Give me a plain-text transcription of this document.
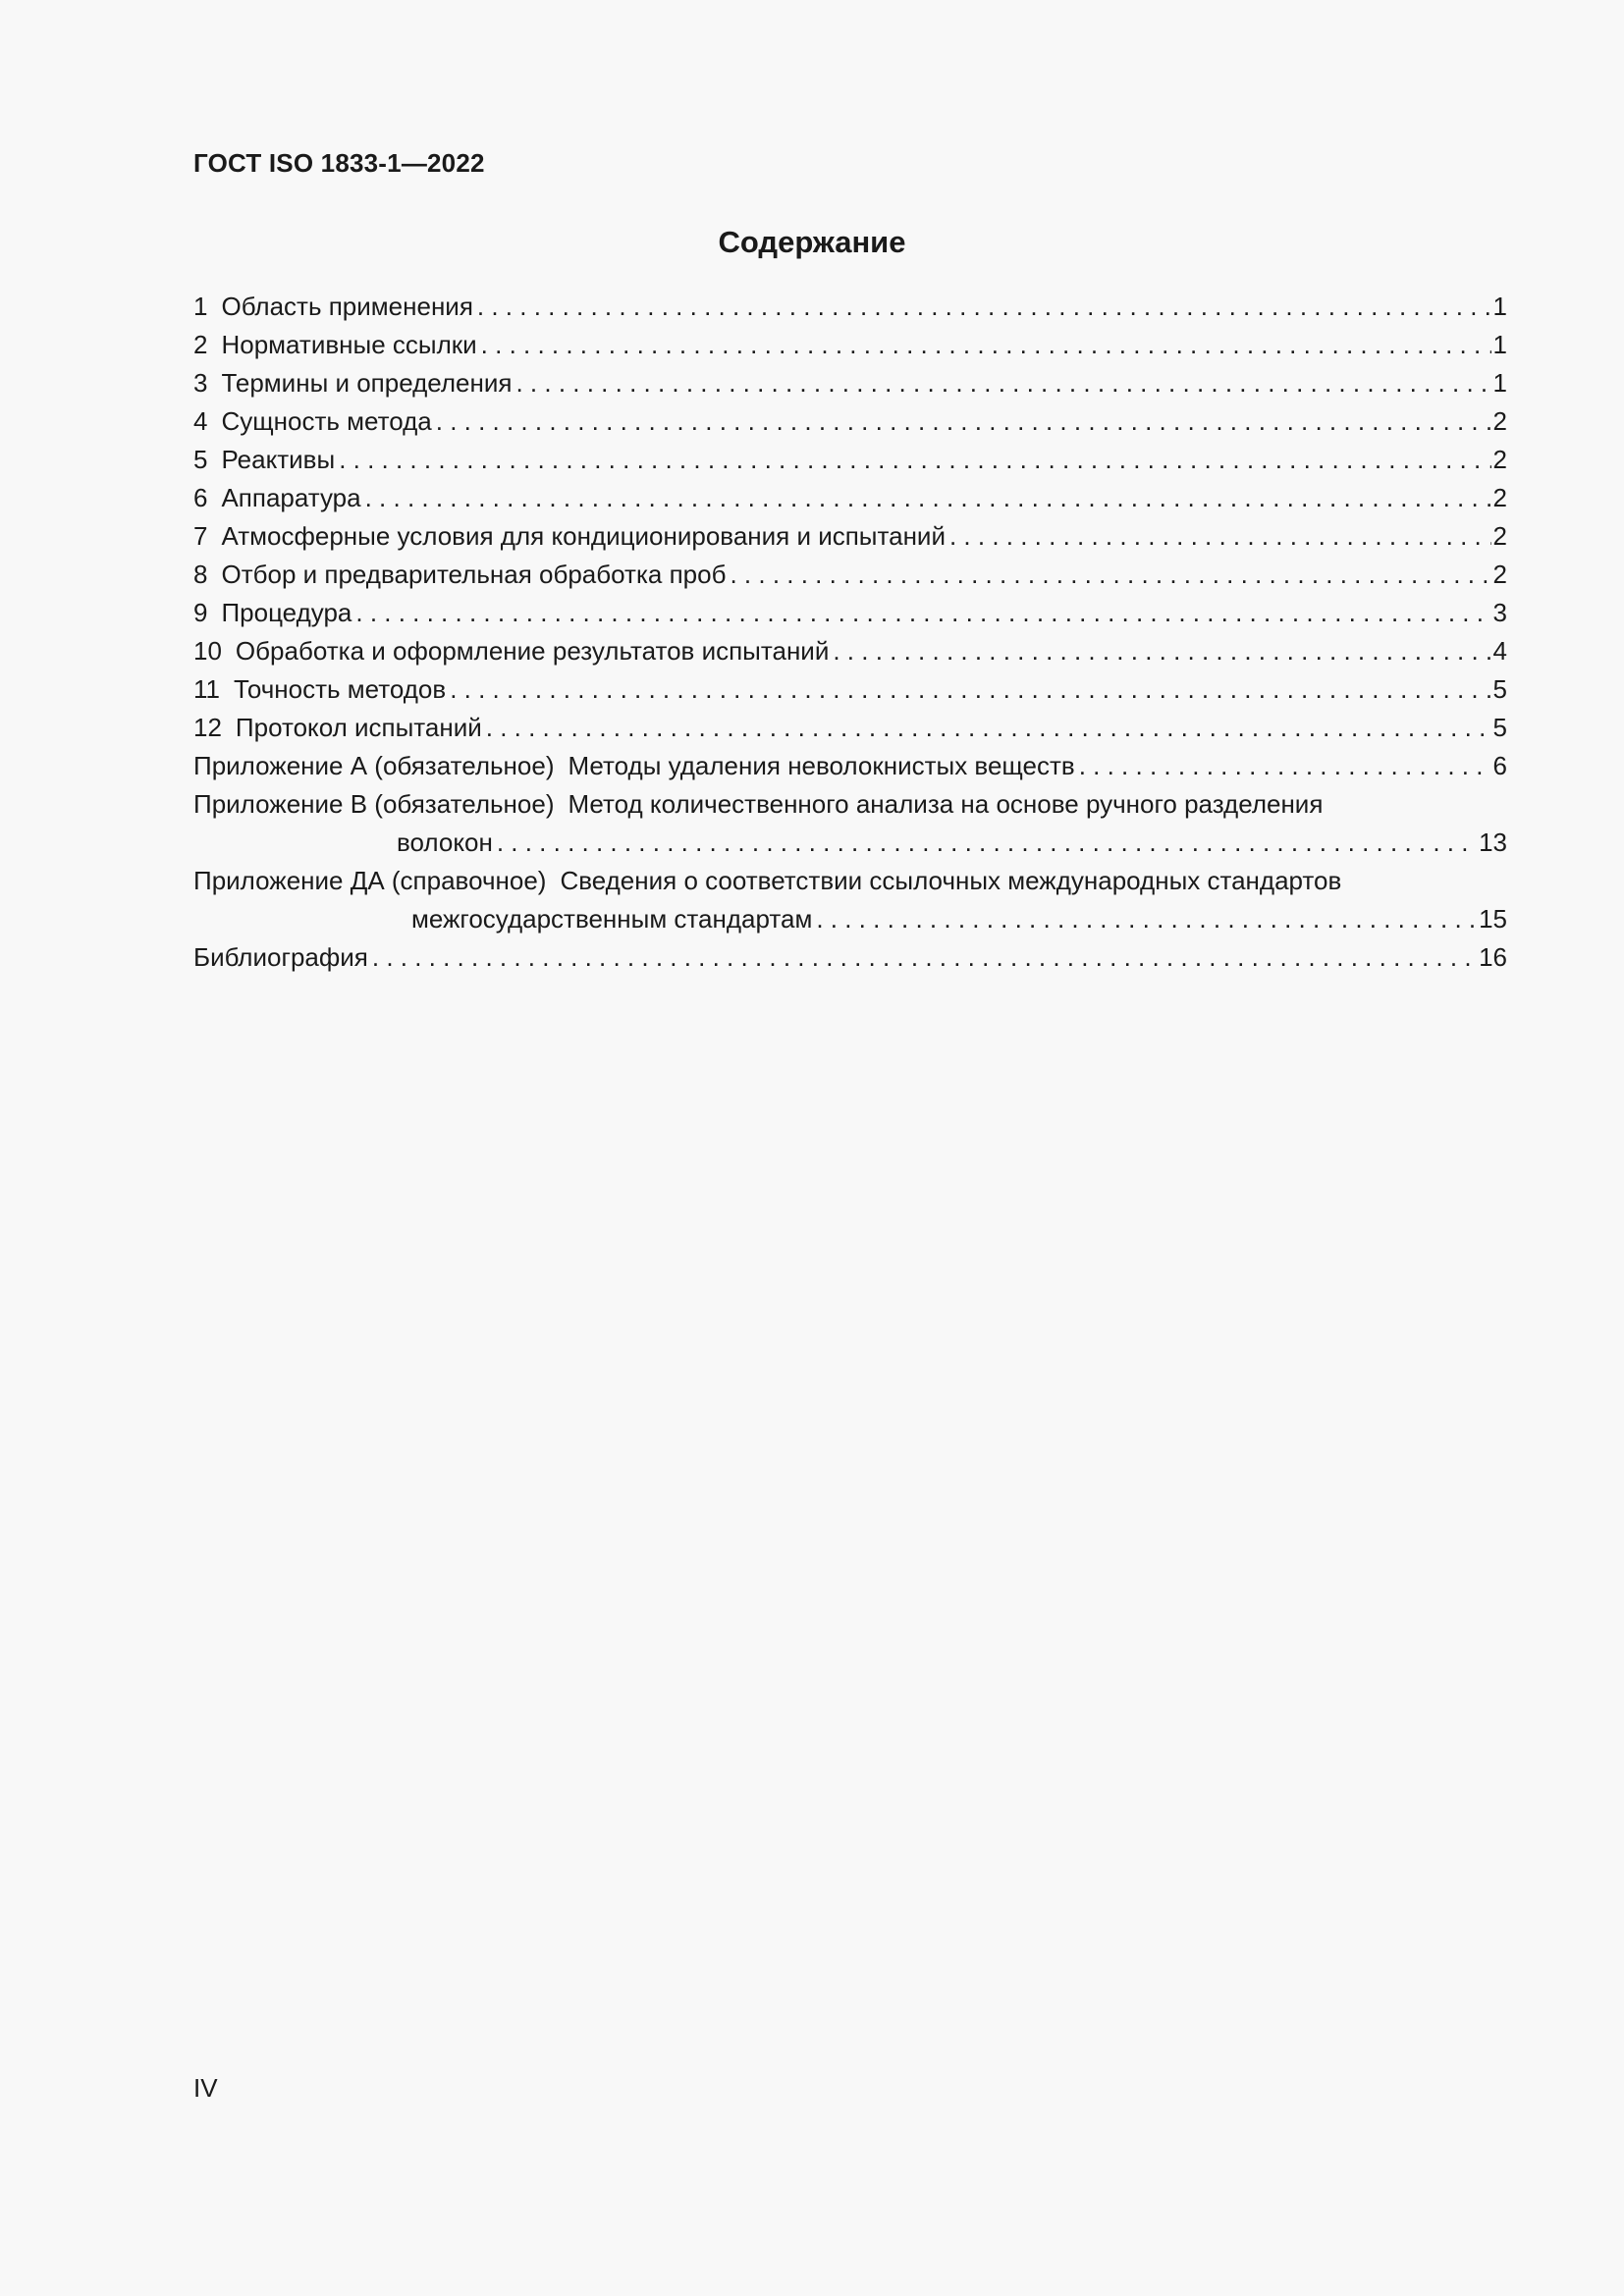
ГОСТ ISO 1833-1—2022

Содержание
1 Область применения . . .	1
2 Нормативные ссылки . . .	1
3 Термины и определения . . .	1
4 Сущность метода . . .	2
5 Реактивы . . .	2
6 Аппаратура . . .	2
7 Атмосферные условия для кондиционирования и испытаний . . .	2
8 Отбор и предварительная обработка проб . . .	2
9 Процедура . . .	3
10 Обработка и оформление результатов испытаний . . .	4
11 Точность методов . . .	5
12 Протокол испытаний . . .	5
Приложение А (обязательное) Методы удаления неволокнистых веществ . . .	6
Приложение В (обязательное) Метод количественного анализа на основе ручного разделения
волокон . . .	13
Приложение ДА (справочное) Сведения о соответствии ссылочных международных стандартов
межгосударственным стандартам . . .	15
Библиография . . .	16

IV
